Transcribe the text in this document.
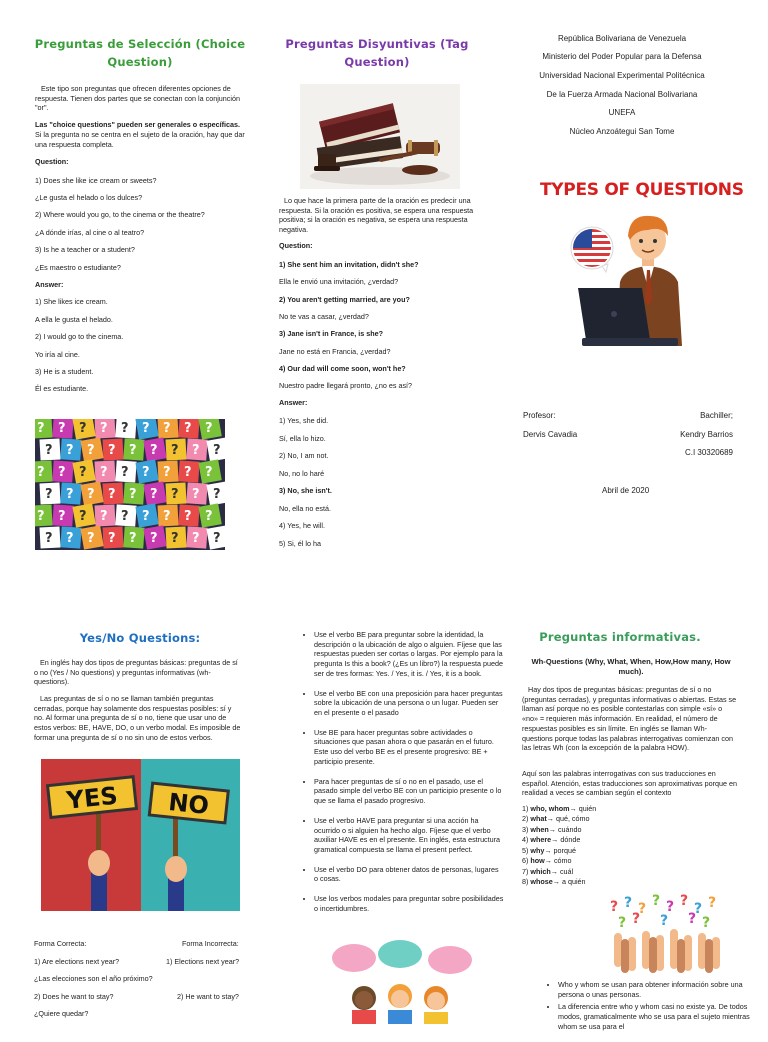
Preguntas de Selección (Choice Question)

Este tipo son preguntas que ofrecen diferentes opciones de respuesta. Tienen dos partes que se conectan con la conjunción "or".

Las "choice questions" pueden ser generales o específicas.

Si la pregunta no se centra en el sujeto de la oración, hay que dar una respuesta completa.

Question:
1) Does she like ice cream or sweets?
¿Le gusta el helado o los dulces?
2) Where would you go, to the cinema or the theatre?
¿A dónde irías, al cine o al teatro?
3) Is he a teacher or a student?
¿Es maestro o estudiante?
Answer:
1) She likes ice cream.
A ella le gusta el helado.
2) I would go to the cinema.
Yo iría al cine.
3) He is a student.
Él es estudiante.
? ? ? ? ? ? ? ? ?
? ? ? ? ? ? ? ? ?
? ? ? ? ? ? ? ? ?
? ? ? ? ? ? ? ? ?
? ? ? ? ? ? ? ? ?
? ? ? ? ? ? ? ? ?
Preguntas Disyuntivas (Tag Question)

Lo que hace la primera parte de la oración es predecir una respuesta. Si la oración es positiva, se espera una respuesta positiva; si la oración es negativa, se espera una respuesta negativa.

Question:
1) She sent him an invitation, didn't she?
Ella le envió una invitación, ¿verdad?
2) You aren't getting married, are you?
No te vas a casar, ¿verdad?
3) Jane isn't in France, is she?
Jane no está en Francia, ¿verdad?
4) Our dad will come soon, won't he?
Nuestro padre llegará pronto, ¿no es así?
Answer:
1) Yes, she did.
Sí, ella lo hizo.
2) No, I am not.
No, no lo haré
3) No, she isn't.
No, ella no está.
4) Yes, he will.
5) Si, él lo ha
República Bolivariana de Venezuela
Ministerio del Poder Popular para la Defensa
Universidad Nacional Experimental Politécnica
De la Fuerza Armada Nacional Bolivariana
UNEFA
Núcleo Anzoátegui San Tome
TYPES OF QUESTIONS
Profesor:
Dervis Cavadia
Bachiller;
Kendry Barrios
C.I 30320689
Abril de 2020
Yes/No Questions:

En inglés hay dos tipos de preguntas básicas: preguntas de sí o no (Yes / No questions) y preguntas informativas (wh- questions).

Las preguntas de sí o no se llaman también preguntas cerradas, porque hay solamente dos respuestas posibles: sí y no. Al formar una pregunta de sí o no, tiene que usar uno de estos verbos: BE, HAVE, DO, o un verbo modal. Es imposible de formar una pregunta de sí o no sin uno de estos verbos.

YES NO
Forma Correcta:	Forma Incorrecta:
1) Are elections next year?	1) Elections next year?
¿Las elecciones son el año próximo?
2) Does he want to stay?	2) He want to stay?
¿Quiere quedar?
• Use el verbo BE para preguntar sobre la identidad, la descripción o la ubicación de algo o alguien. Fíjese que las respuestas pueden ser cortas o largas. Por ejemplo para la pregunta Is this a book? (¿Es un libro?) la respuesta puede ser de tres formas: Yes. / Yes, it is. / Yes, it is a book.
• Use el verbo BE con una preposición para hacer preguntas sobre la ubicación de una persona o un lugar. Pueden ser en el presente o el pasado
• Use BE para hacer preguntas sobre actividades o situaciones que pasan ahora o que pasarán en el futuro. Este uso del verbo BE es el presente progresivo: BE + participio presente.
• Para hacer preguntas de sí o no en el pasado, use el pasado simple del verbo BE con un participio presente o lo que se llama el pasado progresivo.
• Use el verbo HAVE para preguntar si una acción ha ocurrido o si alguien ha hecho algo. Fíjese que el verbo auxiliar HAVE es en el presente. En inglés, esta estructura gramatical compuesta se llama el present perfect.
• Use el verbo DO para obtener datos de personas, lugares o cosas.
• Use los verbos modales para preguntar sobre posibilidades o incertidumbres.
Preguntas informativas.

Wh-Questions (Why, What, When, How,How many, How much).

Hay dos tipos de preguntas básicas: preguntas de sí o no (preguntas cerradas), y preguntas informativas o abiertas. Estas se llaman así porque no es posible contestarlas con simple «sí» o «no» = requieren más información. En realidad, el número de respuestas posibles es sin límite. En inglés se llaman Wh- questions porque todas las palabras interrogativas comienzan con las letras Wh (con la excepción de la palabra HOW).

Aquí son las palabras interrogativas con sus traducciones en español. Atención, estas traducciones son aproximativas porque en realidad a veces se cambian según el contexto

1) who, whom→ quién
2) what→ qué, cómo
3) when→ cuándo
4) where→ dónde
5) why→ porqué
6) how→ cómo
7) which→ cuál
8) whose→ a quién
? ? ? ? ? ? ? ?
? ? ? ? ?
• Who y whom se usan para obtener información sobre una persona o unas personas.
• La diferencia entre who y whom casi no existe ya. De todos modos, gramaticalmente who se usa para el sujeto mientras whom se usa para el
